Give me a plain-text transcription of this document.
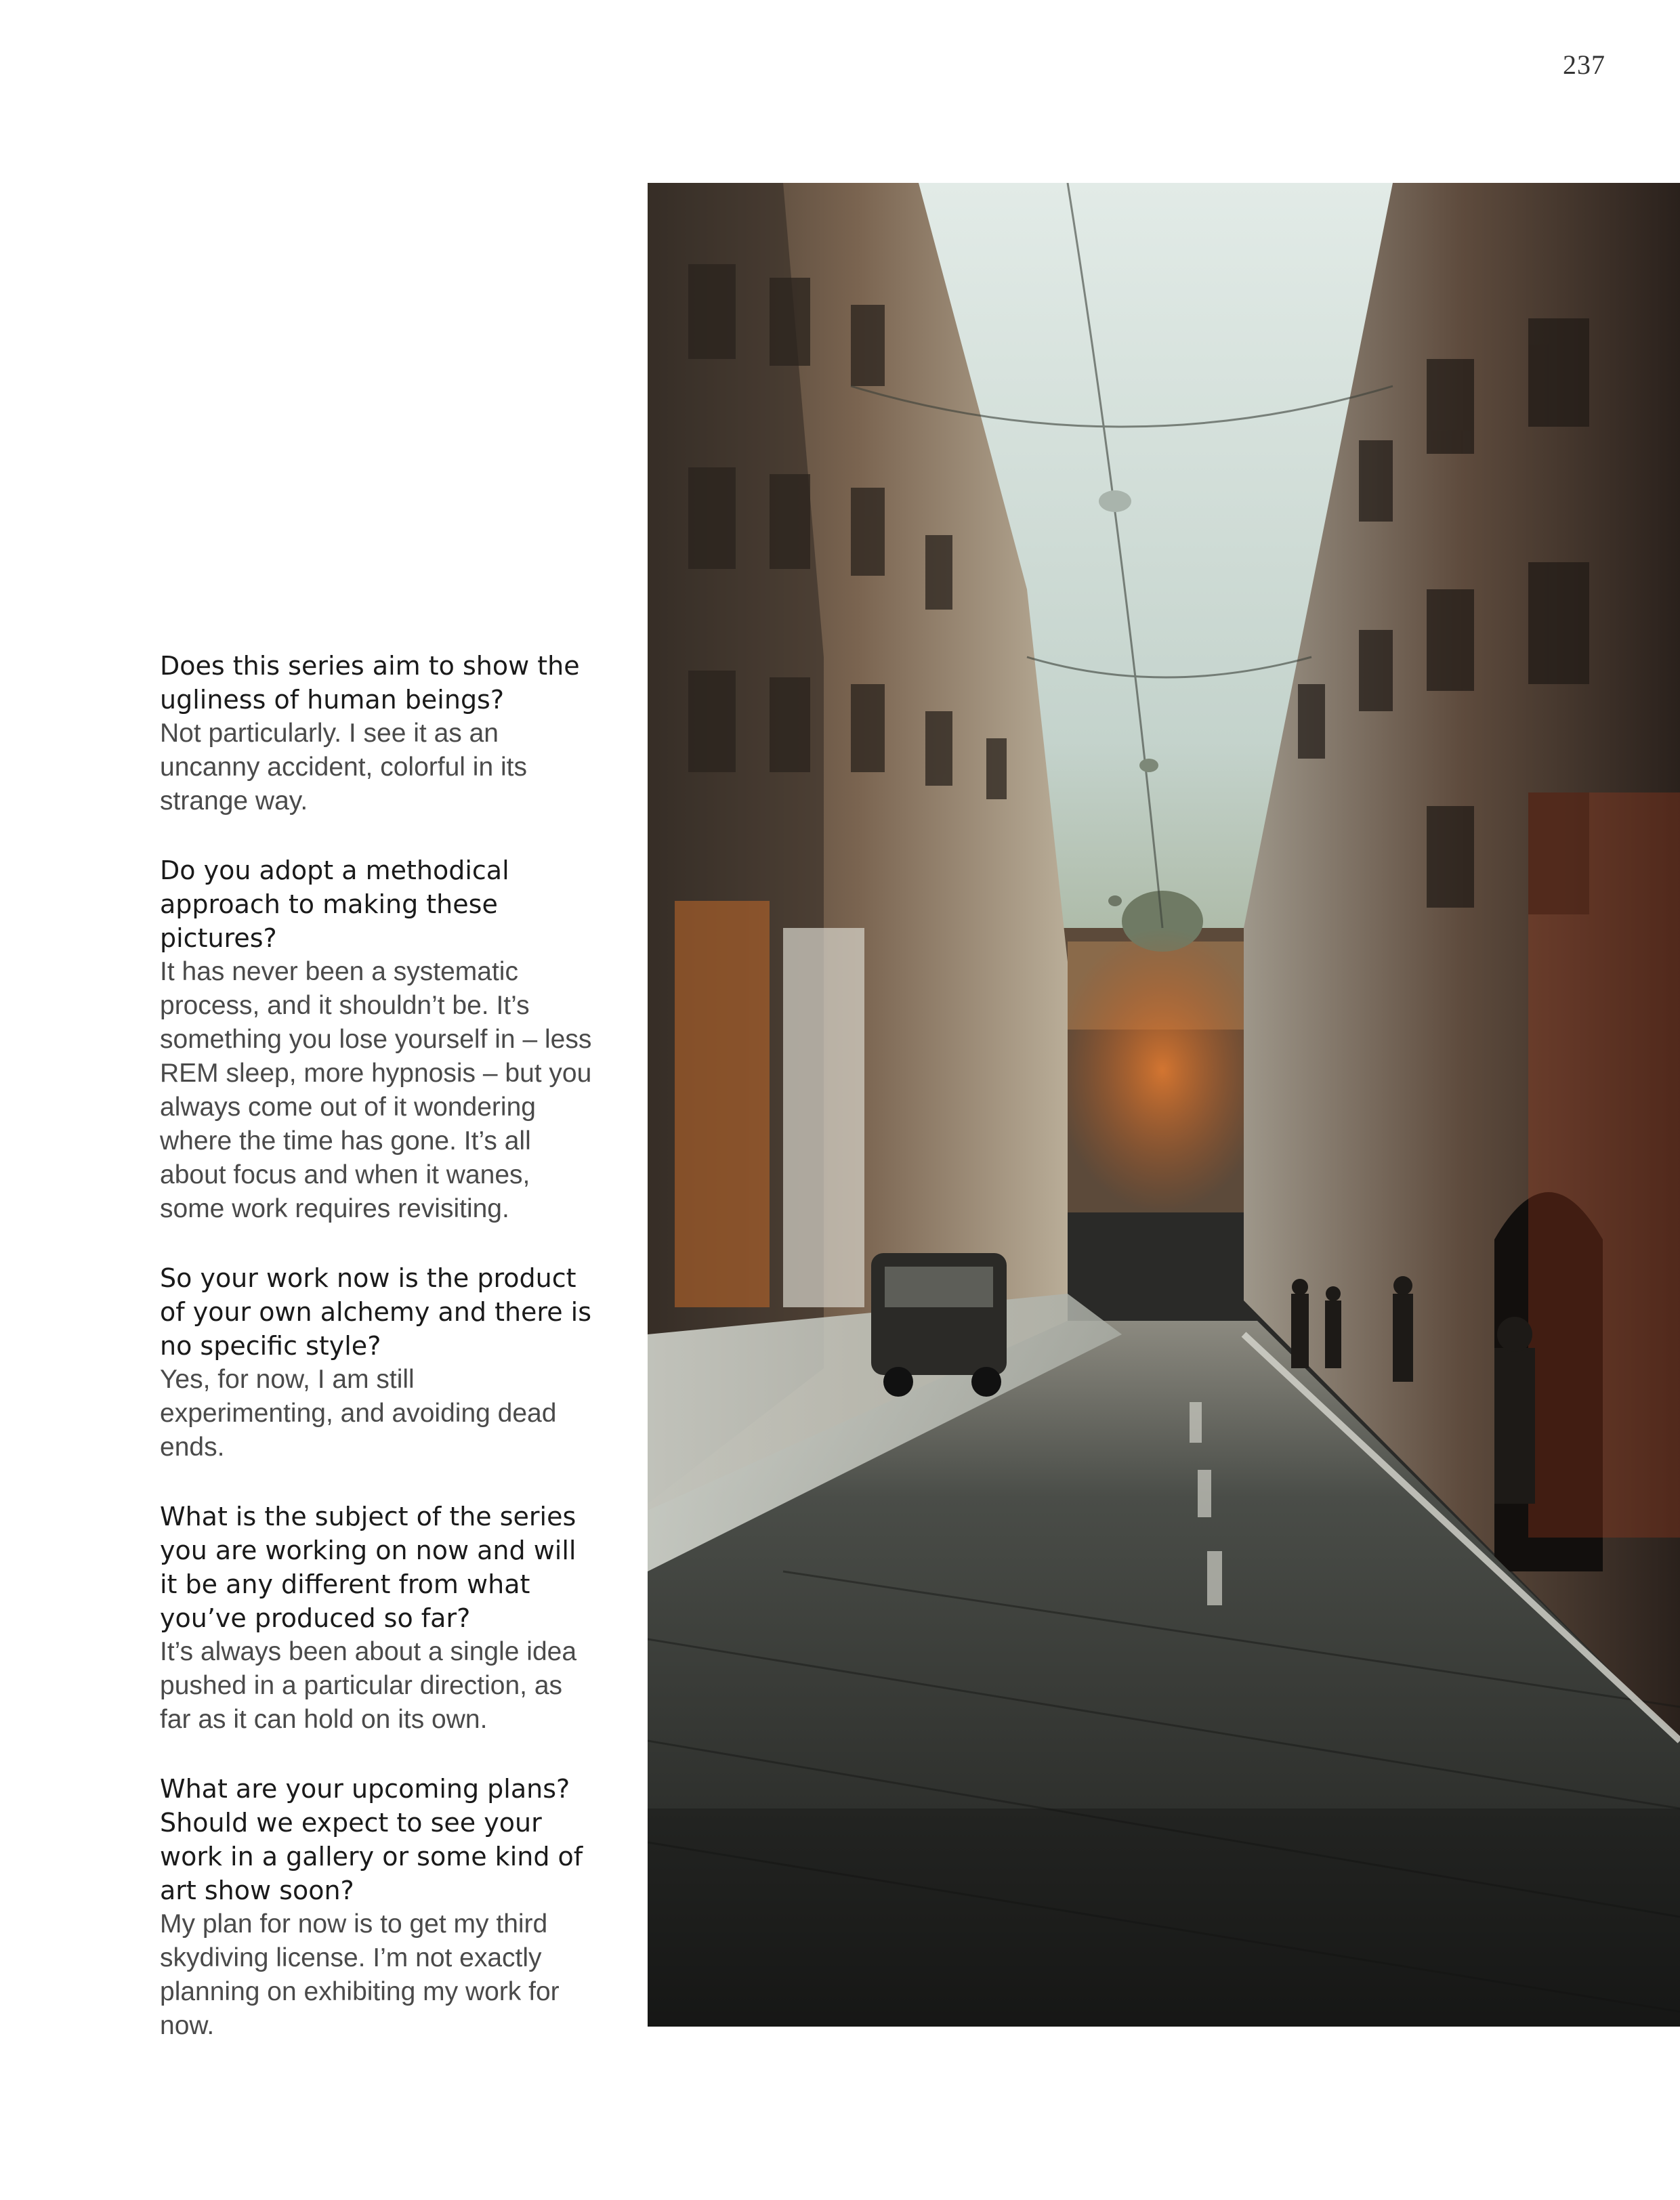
237

Does this series aim to show the ugliness of human beings?

Not particularly. I see it as an uncanny accident, colorful in its strange way.

Do you adopt a methodical approach to making these pictures?

It has never been a systematic process, and it shouldn’t be. It’s something you lose yourself in – less REM sleep, more hypnosis – but you always come out of it wondering where the time has gone. It’s all about focus and when it wanes, some work requires revisiting.

So your work now is the product of your own alchemy and there is no specific style?

Yes, for now, I am still experimenting, and avoiding dead ends.

What is the subject of the series you are working on now and will it be any different from what you’ve produced so far?

It’s always been about a single idea pushed in a particular direction, as far as it can hold on its own.

What are your upcoming plans? Should we expect to see your work in a gallery or some kind of art show soon?

My plan for now is to get my third skydiving license. I’m not exactly planning on exhibiting my work for now.
